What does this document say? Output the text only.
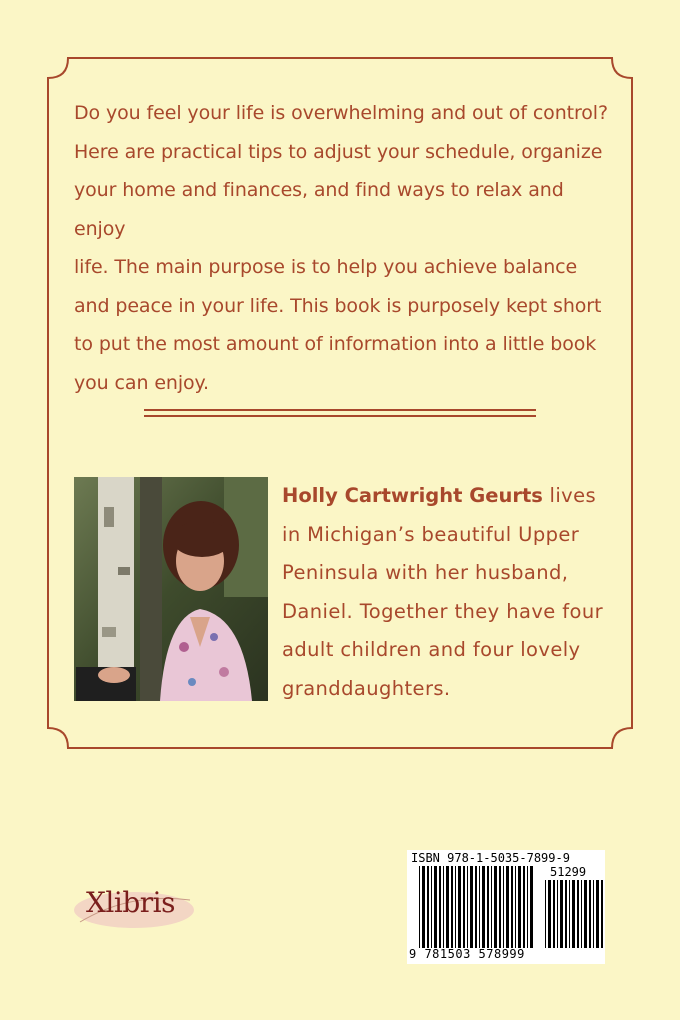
Do you feel your life is overwhelming and out of control?

Here are practical tips to adjust your schedule, organize

your home and finances, and find ways to relax and enjoy

life. The main purpose is to help you achieve balance

and peace in your life. This book is purposely kept short

to put the most amount of information into a little book

you can enjoy.

Holly Cartwright Geurts lives
in Michigan’s beautiful Upper
Peninsula with her husband,
Daniel. Together they have four
adult children and four lovely
granddaughters.
Xlibris
ISBN 978-1-5035-7899-9
51299
9 781503 578999
